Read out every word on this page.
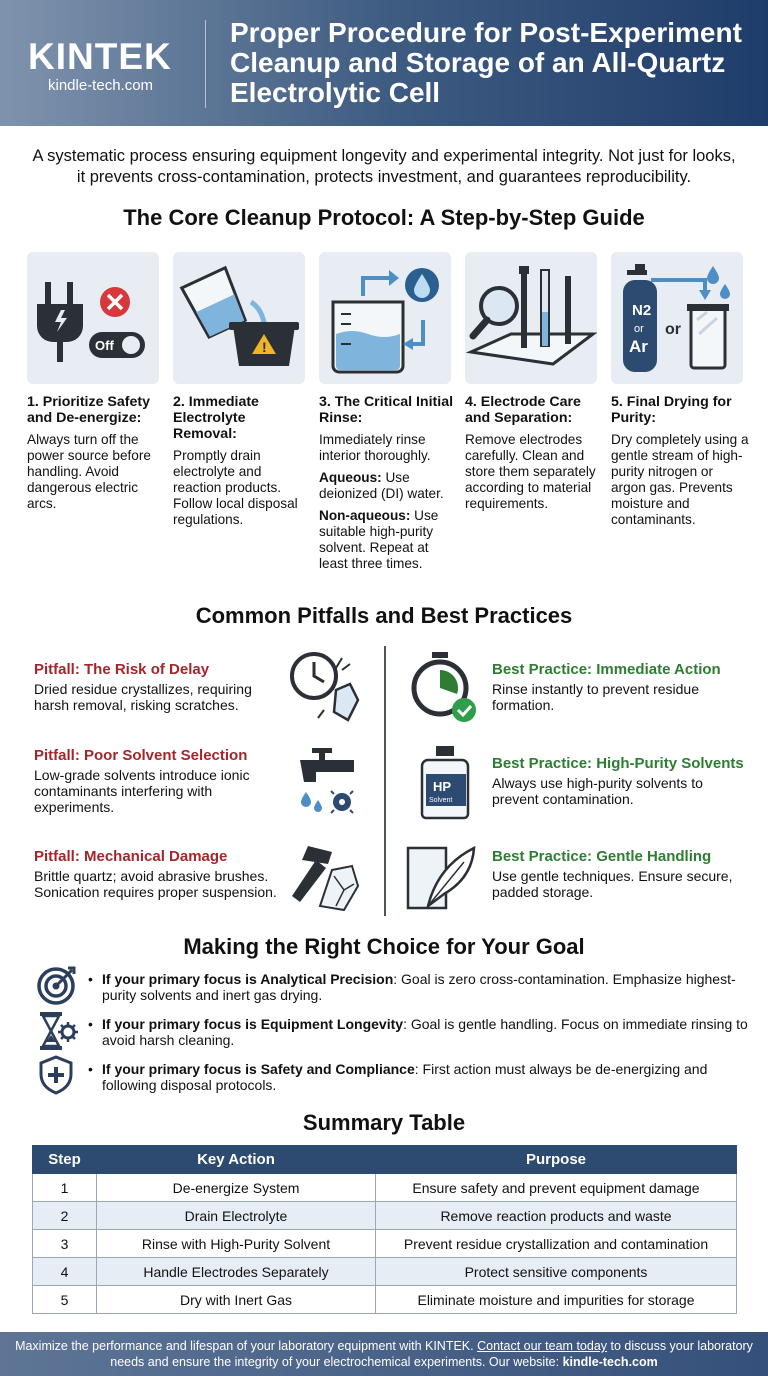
KINTEK
kindle-tech.com
Proper Procedure for Post-Experiment Cleanup and Storage of an All-Quartz Electrolytic Cell
A systematic process ensuring equipment longevity and experimental integrity. Not just for looks, it prevents cross-contamination, protects investment, and guarantees reproducibility.
The Core Cleanup Protocol: A Step-by-Step Guide
Off
1. Prioritize Safety and De-energize:
Always turn off the power source before handling. Avoid dangerous electric arcs.
!
2. Immediate Electrolyte Removal:
Promptly drain electrolyte and reaction products. Follow local disposal regulations.
3. The Critical Initial Rinse:
Immediately rinse interior thoroughly.
Aqueous: Use deionized (DI) water.
Non-aqueous: Use suitable high-purity solvent. Repeat at least three times.
4. Electrode Care and Separation:
Remove electrodes carefully. Clean and store them separately according to material requirements.
N2
or
Ar
or
5. Final Drying for Purity:
Dry completely using a gentle stream of high-purity nitrogen or argon gas. Prevents moisture and contaminants.
Common Pitfalls and Best Practices
Pitfall: The Risk of Delay
Dried residue crystallizes, requiring harsh removal, risking scratches.
Pitfall: Poor Solvent Selection
Low-grade solvents introduce ionic contaminants interfering with experiments.
Pitfall: Mechanical Damage
Brittle quartz; avoid abrasive brushes. Sonication requires proper suspension.
Best Practice: Immediate Action
Rinse instantly to prevent residue formation.
HP
Solvent
Best Practice: High-Purity Solvents
Always use high-purity solvents to prevent contamination.
Best Practice: Gentle Handling
Use gentle techniques. Ensure secure, padded storage.
Making the Right Choice for Your Goal
• If your primary focus is Analytical Precision: Goal is zero cross-contamination. Emphasize highest-purity solvents and inert gas drying.
• If your primary focus is Equipment Longevity: Goal is gentle handling. Focus on immediate rinsing to avoid harsh cleaning.
• If your primary focus is Safety and Compliance: First action must always be de-energizing and following disposal protocols.
Summary Table
Step	Key Action	Purpose
1	De-energize System	Ensure safety and prevent equipment damage
2	Drain Electrolyte	Remove reaction products and waste
3	Rinse with High-Purity Solvent	Prevent residue crystallization and contamination
4	Handle Electrodes Separately	Protect sensitive components
5	Dry with Inert Gas	Eliminate moisture and impurities for storage
Maximize the performance and lifespan of your laboratory equipment with KINTEK. Contact our team today to discuss your laboratory needs and ensure the integrity of your electrochemical experiments. Our website: kindle-tech.com
